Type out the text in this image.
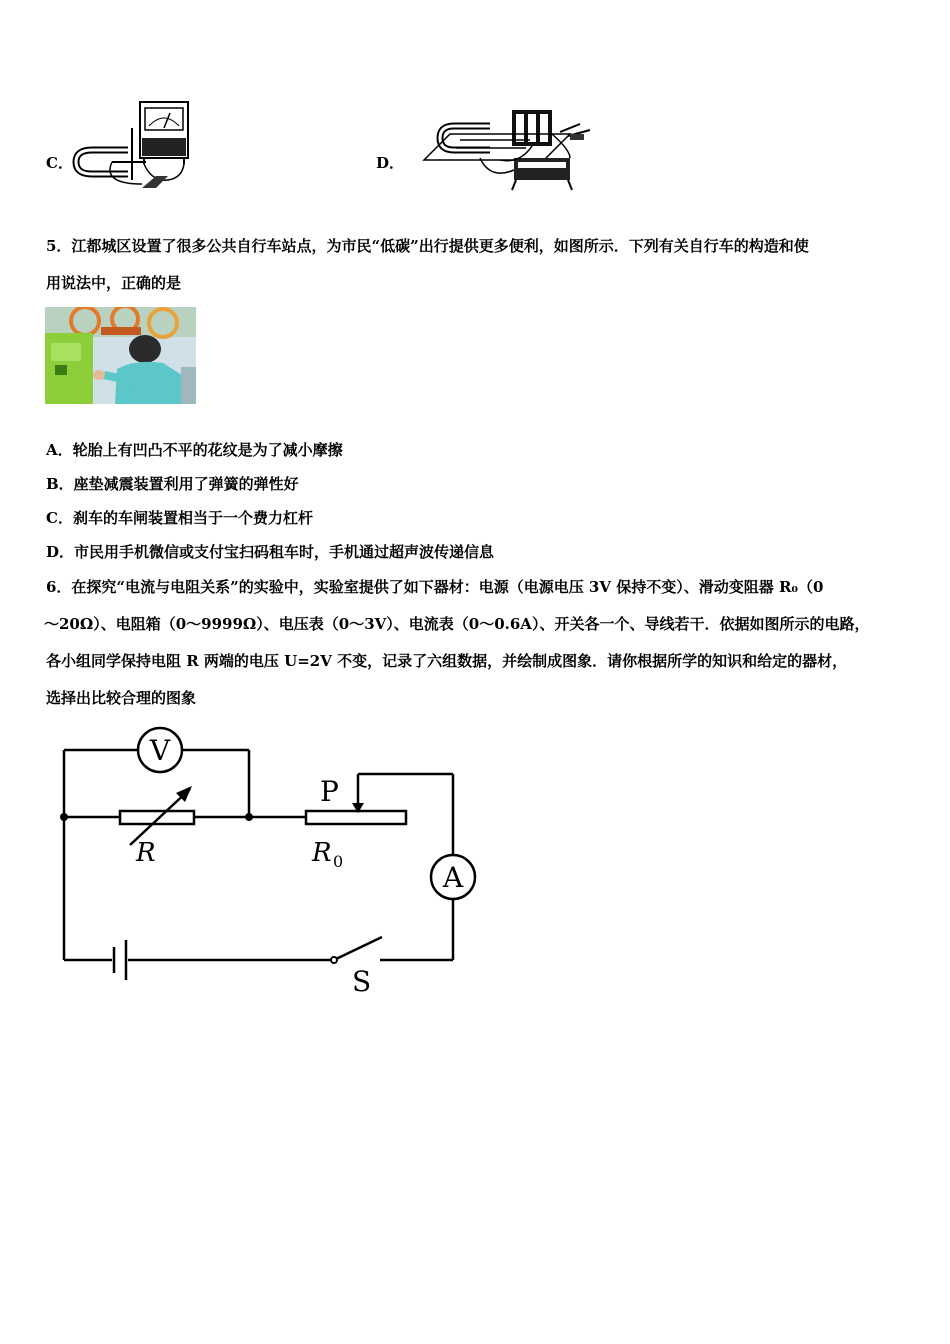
C．	D．
5．江都城区设置了很多公共自行车站点，为市民“低碳”出行提供更多便利，如图所示．下列有关自行车的构造和使
用说法中，正确的是
A．轮胎上有凹凸不平的花纹是为了减小摩擦
B．座垫减震装置利用了弹簧的弹性好
C．刹车的车闸装置相当于一个费力杠杆
D．市民用手机微信或支付宝扫码租车时，手机通过超声波传递信息
6．在探究“电流与电阻关系”的实验中，实验室提供了如下器材：电源（电源电压 3V 保持不变）、滑动变阻器 R₀（0
～20Ω）、电阻箱（0～9999Ω）、电压表（0～3V）、电流表（0～0.6A）、开关各一个、导线若干．依据如图所示的电路，
各小组同学保持电阻 R 两端的电压 U=2V 不变，记录了六组数据，并绘制成图象．请你根据所学的知识和给定的器材，
选择出比较合理的图象
V
R
P
R 0	A
S
